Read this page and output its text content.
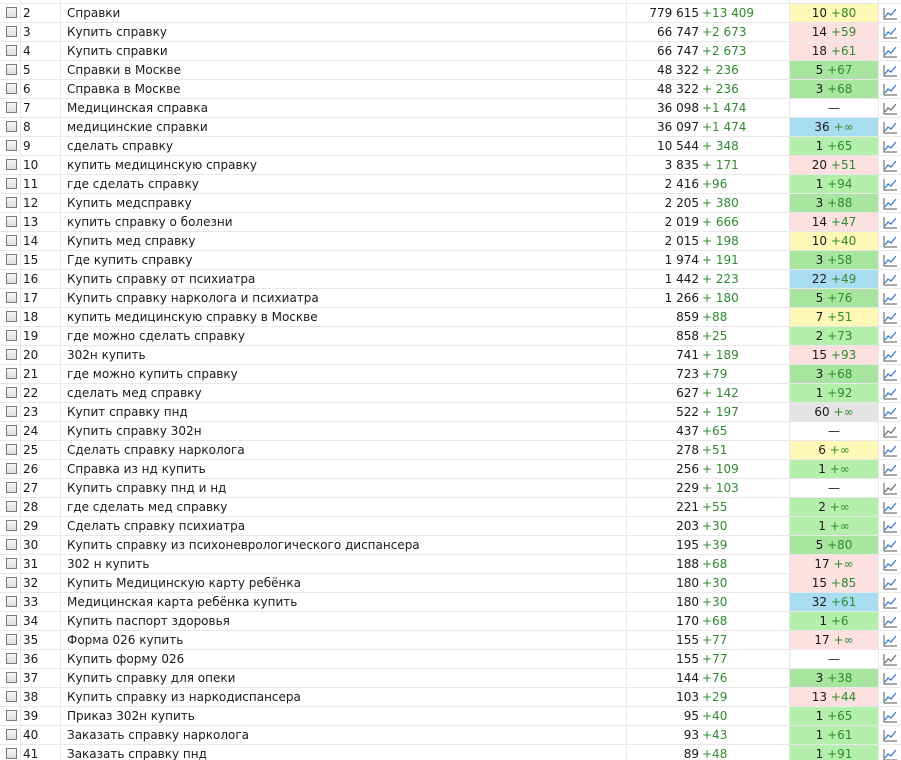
2	Справки	779 615 +13 409	10 +80
3	Купить справку	66 747 +2 673	14 +59
4	Купить справки	66 747 +2 673	18 +61
5	Справки в Москве	48 322 + 236	5 +67
6	Справка в Москве	48 322 + 236	3 +68
7	Медицинская справка	36 098 +1 474	—
8	медицинские справки	36 097 +1 474	36 +∞
9	сделать справку	10 544 + 348	1 +65
10	купить медицинскую справку	3 835 + 171	20 +51
11	где сделать справку	2 416 +96	1 +94
12	Купить медсправку	2 205 + 380	3 +88
13	купить справку о болезни	2 019 + 666	14 +47
14	Купить мед справку	2 015 + 198	10 +40
15	Где купить справку	1 974 + 191	3 +58
16	Купить справку от психиатра	1 442 + 223	22 +49
17	Купить справку нарколога и психиатра	1 266 + 180	5 +76
18	купить медицинскую справку в Москве	859 +88	7 +51
19	где можно сделать справку	858 +25	2 +73
20	302н купить	741 + 189	15 +93
21	где можно купить справку	723 +79	3 +68
22	сделать мед справку	627 + 142	1 +92
23	Купит справку пнд	522 + 197	60 +∞
24	Купить справку 302н	437 +65	—
25	Сделать справку нарколога	278 +51	6 +∞
26	Справка из нд купить	256 + 109	1 +∞
27	Купить справку пнд и нд	229 + 103	—
28	где сделать мед справку	221 +55	2 +∞
29	Сделать справку психиатра	203 +30	1 +∞
30	Купить справку из психоневрологического диспансера	195 +39	5 +80
31	302 н купить	188 +68	17 +∞
32	Купить Медицинскую карту ребёнка	180 +30	15 +85
33	Медицинская карта ребёнка купить	180 +30	32 +61
34	Купить паспорт здоровья	170 +68	1 +6
35	Форма 026 купить	155 +77	17 +∞
36	Купить форму 026	155 +77	—
37	Купить справку для опеки	144 +76	3 +38
38	Купить справку из наркодиспансера	103 +29	13 +44
39	Приказ 302н купить	95 +40	1 +65
40	Заказать справку нарколога	93 +43	1 +61
41	Заказать справку пнд	89 +48	1 +91
